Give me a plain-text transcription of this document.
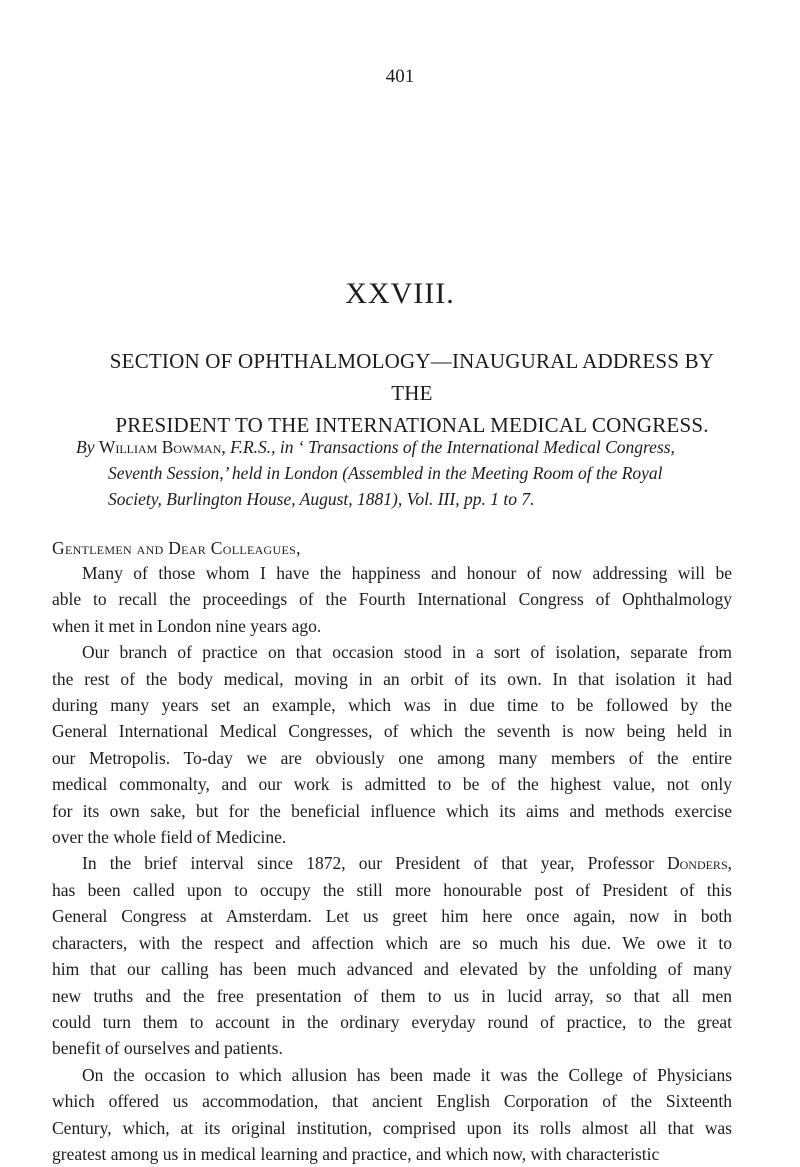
401
XXVIII.
SECTION OF OPHTHALMOLOGY—INAUGURAL ADDRESS BY THE
PRESIDENT TO THE INTERNATIONAL MEDICAL CONGRESS.
By William Bowman, F.R.S., in ‘ Transactions of the International Medical Congress,
Seventh Session,’ held in London (Assembled in the Meeting Room of the Royal
Society, Burlington House, August, 1881), Vol. III, pp. 1 to 7.
Gentlemen and Dear Colleagues,
Many of those whom I have the happiness and honour of now addressing will be
able to recall the proceedings of the Fourth International Congress of Ophthalmology
when it met in London nine years ago.
Our branch of practice on that occasion stood in a sort of isolation, separate from
the rest of the body medical, moving in an orbit of its own. In that isolation it had
during many years set an example, which was in due time to be followed by the
General International Medical Congresses, of which the seventh is now being held in
our Metropolis. To-day we are obviously one among many members of the entire
medical commonalty, and our work is admitted to be of the highest value, not only
for its own sake, but for the beneficial influence which its aims and methods exercise
over the whole field of Medicine.
In the brief interval since 1872, our President of that year, Professor Donders,
has been called upon to occupy the still more honourable post of President of this
General Congress at Amsterdam. Let us greet him here once again, now in both
characters, with the respect and affection which are so much his due. We owe it to
him that our calling has been much advanced and elevated by the unfolding of many
new truths and the free presentation of them to us in lucid array, so that all men
could turn them to account in the ordinary everyday round of practice, to the great
benefit of ourselves and patients.
On the occasion to which allusion has been made it was the College of Physicians
which offered us accommodation, that ancient English Corporation of the Sixteenth
Century, which, at its original institution, comprised upon its rolls almost all that was
greatest among us in medical learning and practice, and which now, with characteristic
